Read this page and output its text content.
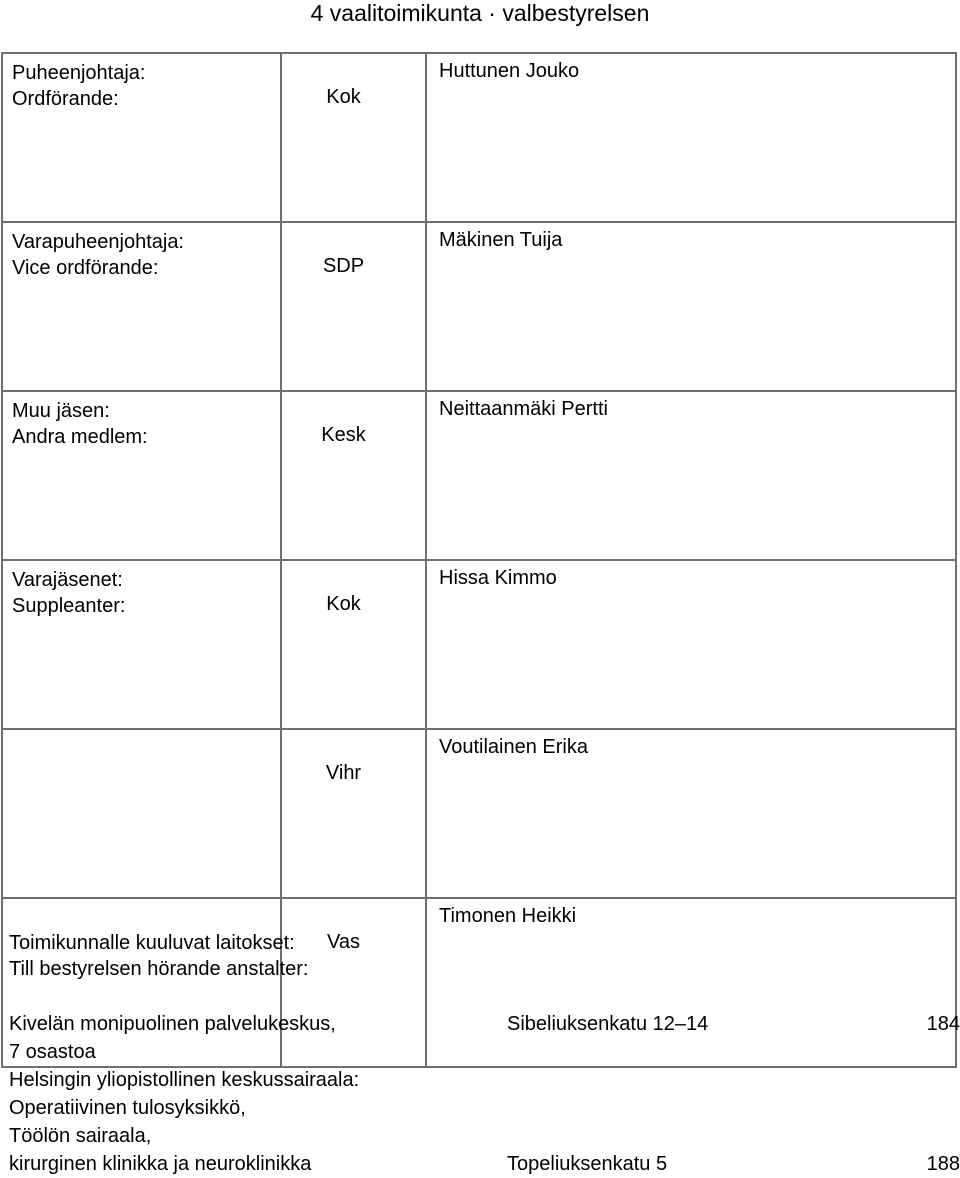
4 vaalitoimikunta · valbestyrelsen
Puheenjohtaja:
Ordförande:	Kok	Huttunen Jouko

Varapuheenjohtaja:
Vice ordförande:	SDP	Mäkinen Tuija

Muu jäsen:
Andra medlem:	Kesk	Neittaanmäki Pertti

Varajäsenet:
Suppleanter:	Kok	Hissa Kimmo

	Vihr	Voutilainen Erika

	Vas	Timonen Heikki
Toimikunnalle kuuluvat laitokset:
Till bestyrelsen hörande anstalter:
Kivelän monipuolinen palvelukeskus,	Sibeliuksenkatu 12–14	184
7 osastoa
Helsingin yliopistollinen keskussairaala:
Operatiivinen tulosyksikkö,
Töölön sairaala,
kirurginen klinikka ja neuroklinikka	Topeliuksenkatu 5	188
